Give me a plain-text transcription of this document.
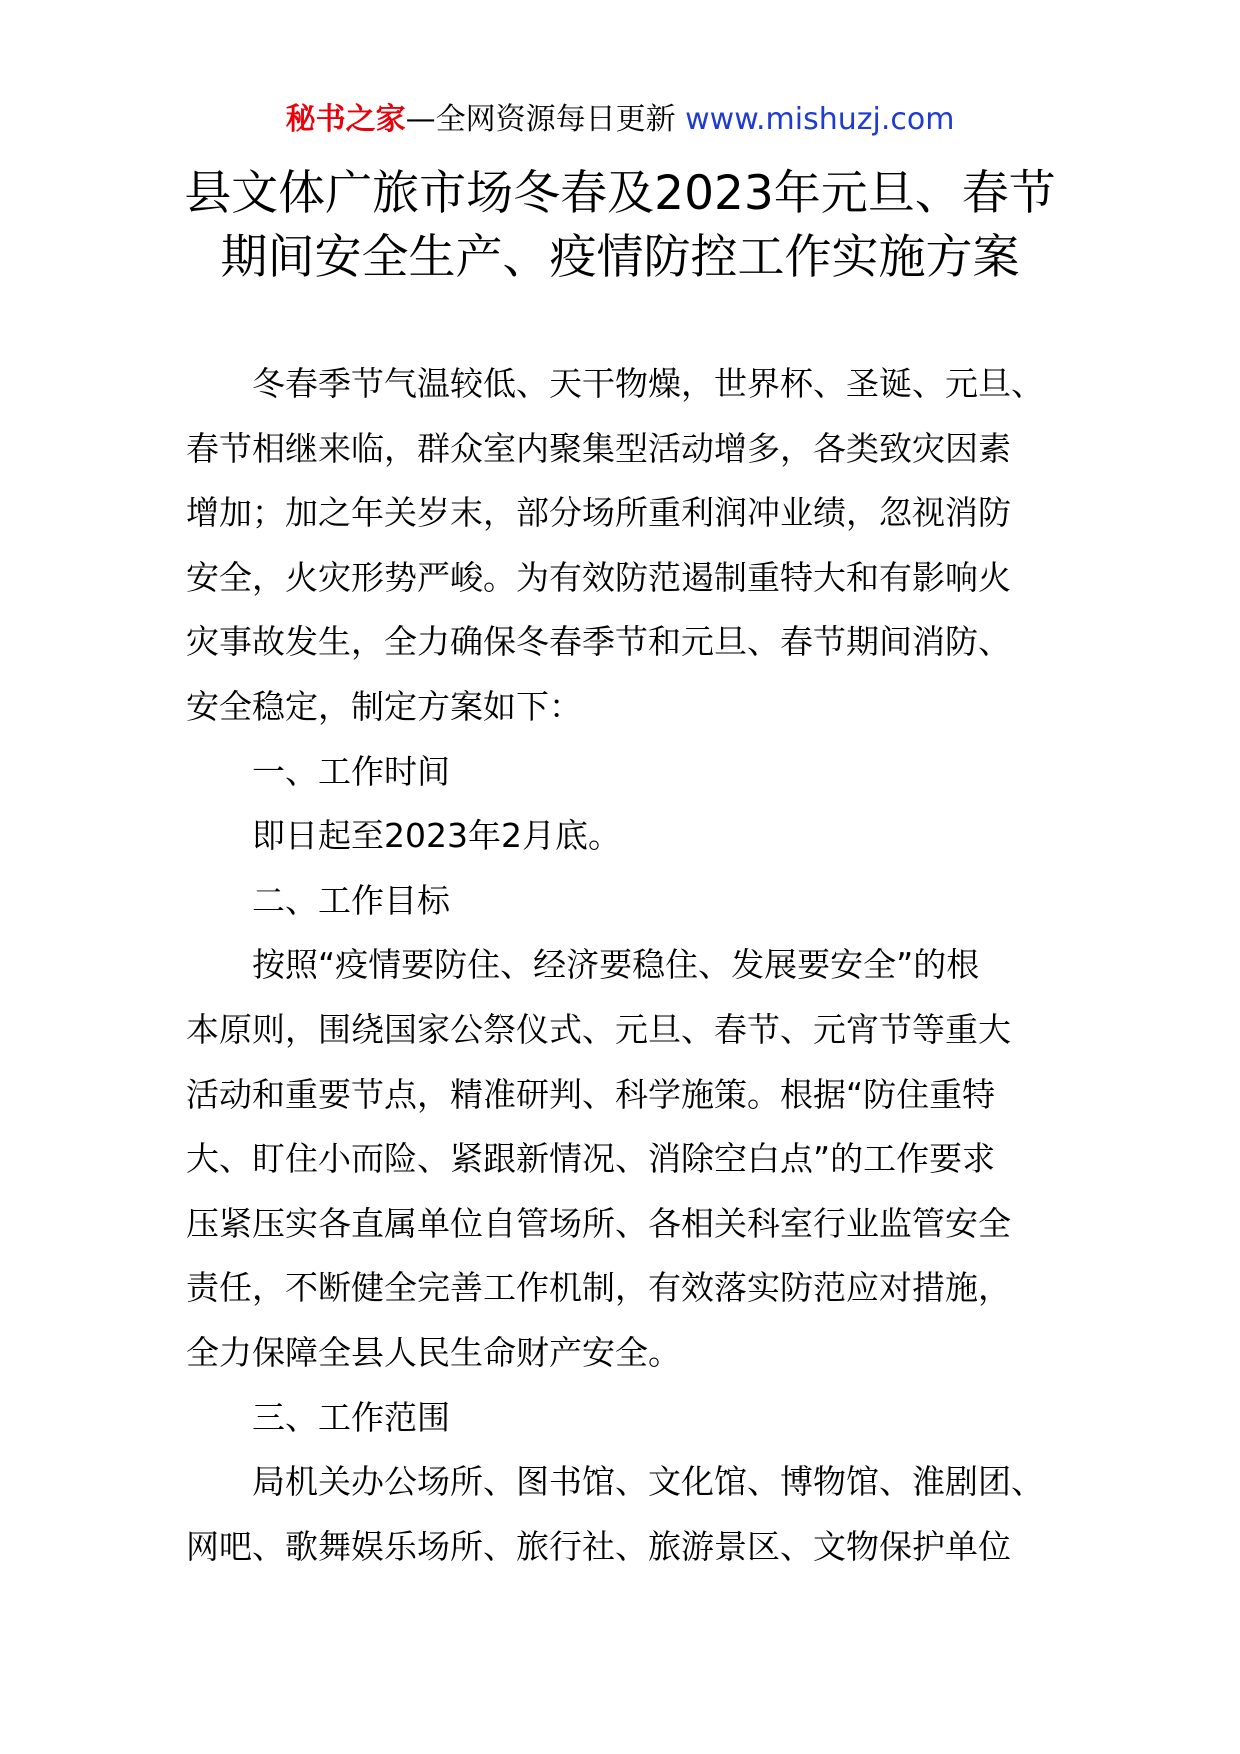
秘书之家—全网资源每日更新 www.mishuzj.com
县文体广旅市场冬春及2023年元旦、春节
期间安全生产、疫情防控工作实施方案

冬春季节气温较低、天干物燥，世界杯、圣诞、元旦、
春节相继来临，群众室内聚集型活动增多，各类致灾因素
增加；加之年关岁末，部分场所重利润冲业绩，忽视消防
安全，火灾形势严峻。为有效防范遏制重特大和有影响火
灾事故发生，全力确保冬春季节和元旦、春节期间消防、
安全稳定，制定方案如下：

一、工作时间

即日起至2023年2月底。

二、工作目标

按照“疫情要防住、经济要稳住、发展要安全”的根
本原则，围绕国家公祭仪式、元旦、春节、元宵节等重大
活动和重要节点，精准研判、科学施策。根据“防住重特
大、盯住小而险、紧跟新情况、消除空白点”的工作要求
压紧压实各直属单位自管场所、各相关科室行业监管安全
责任，不断健全完善工作机制，有效落实防范应对措施，
全力保障全县人民生命财产安全。

三、工作范围

局机关办公场所、图书馆、文化馆、博物馆、淮剧团、
网吧、歌舞娱乐场所、旅行社、旅游景区、文物保护单位
